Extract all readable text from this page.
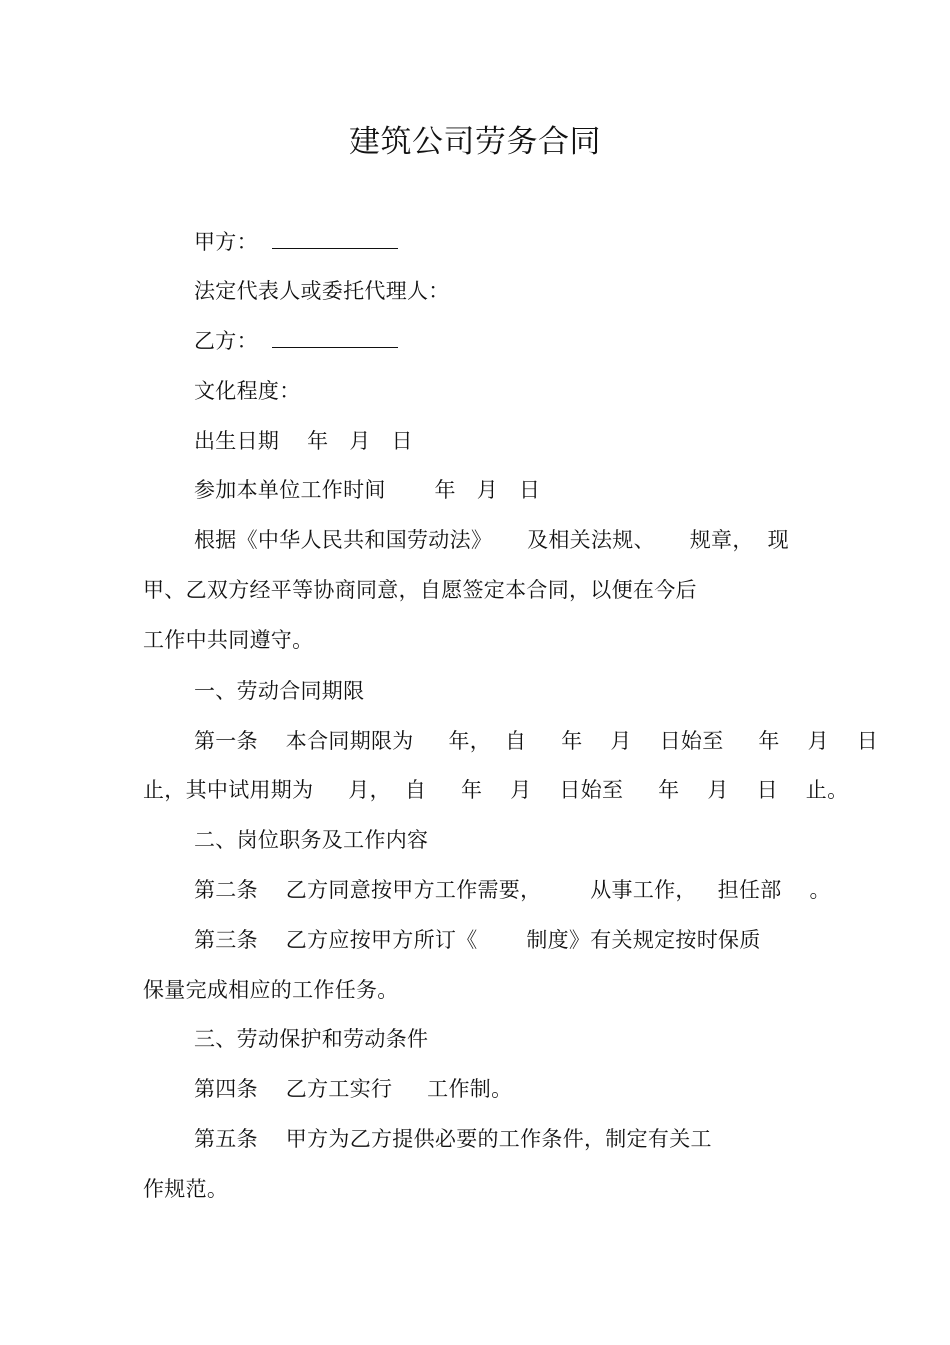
建筑公司劳务合同
甲方：
法定代表人或委托代理人：
乙方：
文化程度：
出生日期    年   月   日
参加本单位工作时间       年   月   日
根据《中华人民共和国劳动法》     及相关法规、     规章，  现
甲、乙双方经平等协商同意，自愿签定本合同，以便在今后
工作中共同遵守。
一、劳动合同期限
第一条    本合同期限为     年，  自     年    月    日始至     年    月    日
止，其中试用期为     月，  自     年    月    日始至     年    月    日    止。
二、岗位职务及工作内容
第二条    乙方同意按甲方工作需要，       从事工作，   担任部    。
第三条    乙方应按甲方所订《       制度》有关规定按时保质
保量完成相应的工作任务。
三、劳动保护和劳动条件
第四条    乙方工实行     工作制。
第五条    甲方为乙方提供必要的工作条件，制定有关工
作规范。
